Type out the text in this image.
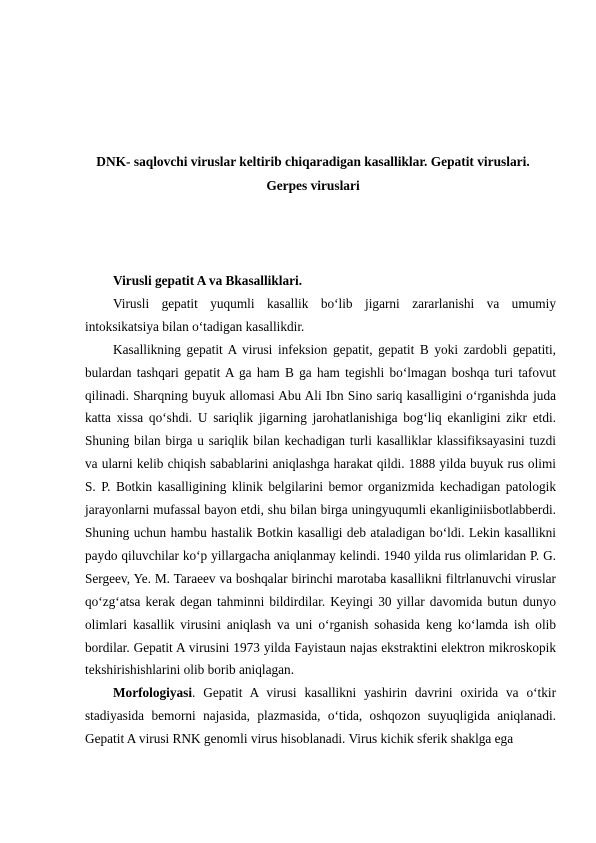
DNK- saqlovchi viruslar keltirib chiqaradigan kasalliklar. Gepatit viruslari.
Gerpes viruslari

Virusli gepatit A va Bkasalliklari.

Virusli gepatit yuqumli kasallik bo‘lib jigarni zararlanishi va umumiy intoksikatsiya bilan o‘tadigan kasallikdir.

Kasallikning gepatit A virusi infeksion gepatit, gepatit B yoki zardobli gepatiti, bulardan tashqari gepatit A ga ham B ga ham tegishli bo‘lmagan boshqa turi tafovut qilinadi. Sharqning buyuk allomasi Abu Ali Ibn Sino sariq kasalligini o‘rganishda juda katta xissa qo‘shdi. U sariqlik jigarning jarohatlanishiga bog‘liq ekanligini zikr etdi. Shuning bilan birga u sariqlik bilan kechadigan turli kasalliklar klassifiksayasini tuzdi va ularni kelib chiqish sabablarini aniqlashga harakat qildi. 1888 yilda buyuk rus olimi S. P. Botkin kasalligining klinik belgilarini bemor organizmida kechadigan patologik jarayonlarni mufassal bayon etdi, shu bilan birga uningyuqumli ekanliginiisbotlabberdi. Shuning uchun hambu hastalik Botkin kasalligi deb ataladigan bo‘ldi. Lekin kasallikni paydo qiluvchilar ko‘p yillargacha aniqlanmay kelindi. 1940 yilda rus olimlaridan P. G. Sergeev, Ye. M. Taraeev va boshqalar birinchi marotaba kasallikni filtrlanuvchi viruslar qo‘zg‘atsa kerak degan tahminni bildirdilar. Keyingi 30 yillar davomida butun dunyo olimlari kasallik virusini aniqlash va uni o‘rganish sohasida keng ko‘lamda ish olib bordilar. Gepatit A virusini 1973 yilda Fayistaun najas ekstraktini elektron mikroskopik tekshirishishlarini olib borib aniqlagan.

Morfologiyasi. Gepatit A virusi kasallikni yashirin davrini oxirida va o‘tkir stadiyasida bemorni najasida, plazmasida, o‘tida, oshqozon suyuqligida aniqlanadi. Gepatit A virusi RNK genomli virus hisoblanadi. Virus kichik sferik shaklga ega
